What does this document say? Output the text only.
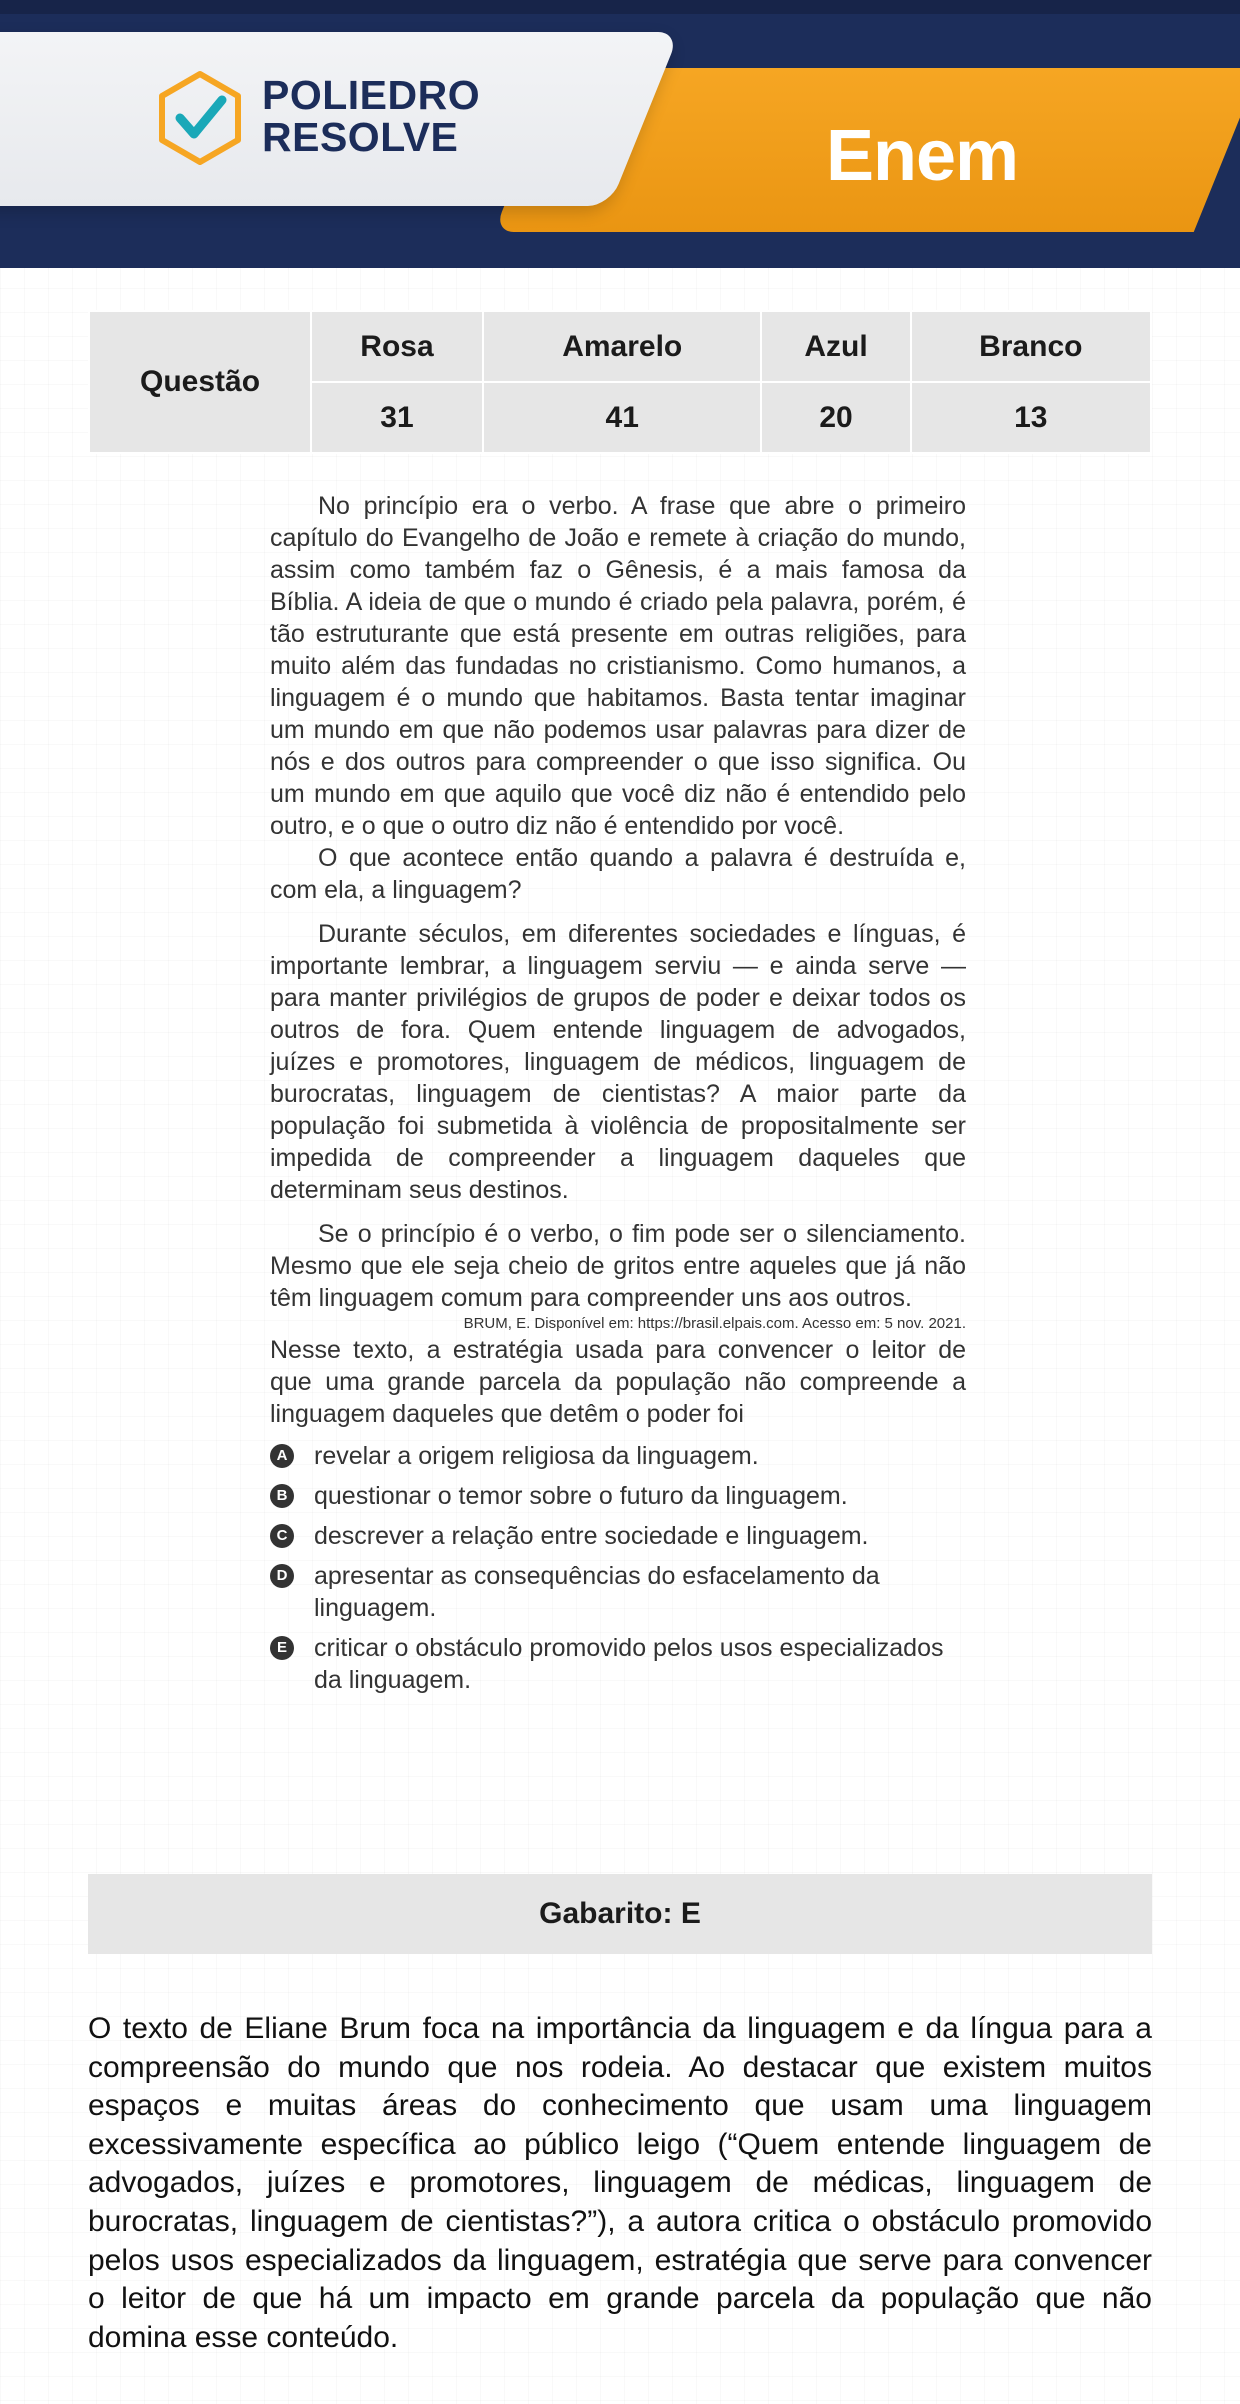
POLIEDRO
RESOLVE	Enem
Questão	Rosa	Amarelo	Azul	Branco
	31	41	20	13

No princípio era o verbo. A frase que abre o primeiro capítulo do Evangelho de João e remete à criação do mundo, assim como também faz o Gênesis, é a mais famosa da Bíblia. A ideia de que o mundo é criado pela palavra, porém, é tão estruturante que está presente em outras religiões, para muito além das fundadas no cristianismo. Como humanos, a linguagem é o mundo que habitamos. Basta tentar imaginar um mundo em que não podemos usar palavras para dizer de nós e dos outros para compreender o que isso significa. Ou um mundo em que aquilo que você diz não é entendido pelo outro, e o que o outro diz não é entendido por você.

O que acontece então quando a palavra é destruída e, com ela, a linguagem?

Durante séculos, em diferentes sociedades e línguas, é importante lembrar, a linguagem serviu — e ainda serve — para manter privilégios de grupos de poder e deixar todos os outros de fora. Quem entende linguagem de advogados, juízes e promotores, linguagem de médicos, linguagem de burocratas, linguagem de cientistas? A maior parte da população foi submetida à violência de propositalmente ser impedida de compreender a linguagem daqueles que determinam seus destinos.

Se o princípio é o verbo, o fim pode ser o silenciamento. Mesmo que ele seja cheio de gritos entre aqueles que já não têm linguagem comum para compreender uns aos outros.

BRUM, E. Disponível em: https://brasil.elpais.com. Acesso em: 5 nov. 2021.

Nesse texto, a estratégia usada para convencer o leitor de que uma grande parcela da população não compreende a linguagem daqueles que detêm o poder foi

A revelar a origem religiosa da linguagem.
B questionar o temor sobre o futuro da linguagem.
C descrever a relação entre sociedade e linguagem.
D apresentar as consequências do esfacelamento da linguagem.
E criticar o obstáculo promovido pelos usos especializados da linguagem.
Gabarito: E

O texto de Eliane Brum foca na importância da linguagem e da língua para a compreensão do mundo que nos rodeia. Ao destacar que existem muitos espaços e muitas áreas do conhecimento que usam uma linguagem excessivamente específica ao público leigo (“Quem entende linguagem de advogados, juízes e promotores, linguagem de médicas, linguagem de burocratas, linguagem de cientistas?”), a autora critica o obstáculo promovido pelos usos especializados da linguagem, estratégia que serve para convencer o leitor de que há um impacto em grande parcela da população que não domina esse conteúdo.
